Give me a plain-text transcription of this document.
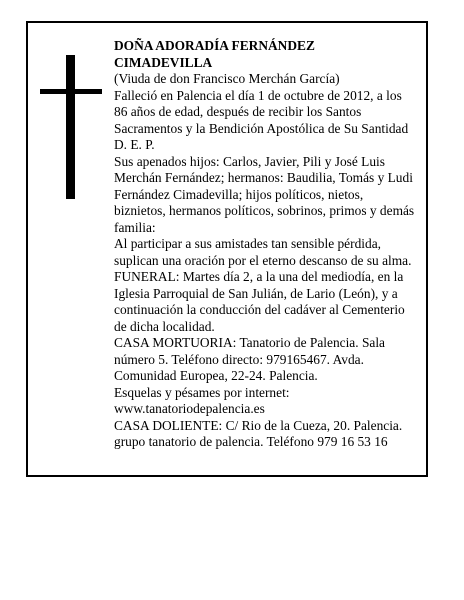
DOÑA ADORADÍA FERNÁNDEZ
CIMADEVILLA
(Viuda de don Francisco Merchán García)
Falleció en Palencia el día 1 de octubre de 2012, a los
86 años de edad, después de recibir los Santos
Sacramentos y la Bendición Apostólica de Su Santidad
D. E. P.
Sus apenados hijos: Carlos, Javier, Pili y José Luis
Merchán Fernández; hermanos: Baudilia, Tomás y Ludi
Fernández Cimadevilla; hijos políticos, nietos,
biznietos, hermanos políticos, sobrinos, primos y demás
familia:
Al participar a sus amistades tan sensible pérdida,
suplican una oración por el eterno descanso de su alma.
FUNERAL: Martes día 2, a la una del mediodía, en la
Iglesia Parroquial de San Julián, de Lario (León), y a
continuación la conducción del cadáver al Cementerio
de dicha localidad.
CASA MORTUORIA: Tanatorio de Palencia. Sala
número 5. Teléfono directo: 979165467. Avda.
Comunidad Europea, 22-24. Palencia.
Esquelas y pésames por internet:
www.tanatoriodepalencia.es
CASA DOLIENTE: C/ Rio de la Cueza, 20. Palencia.
grupo tanatorio de palencia. Teléfono 979 16 53 16
